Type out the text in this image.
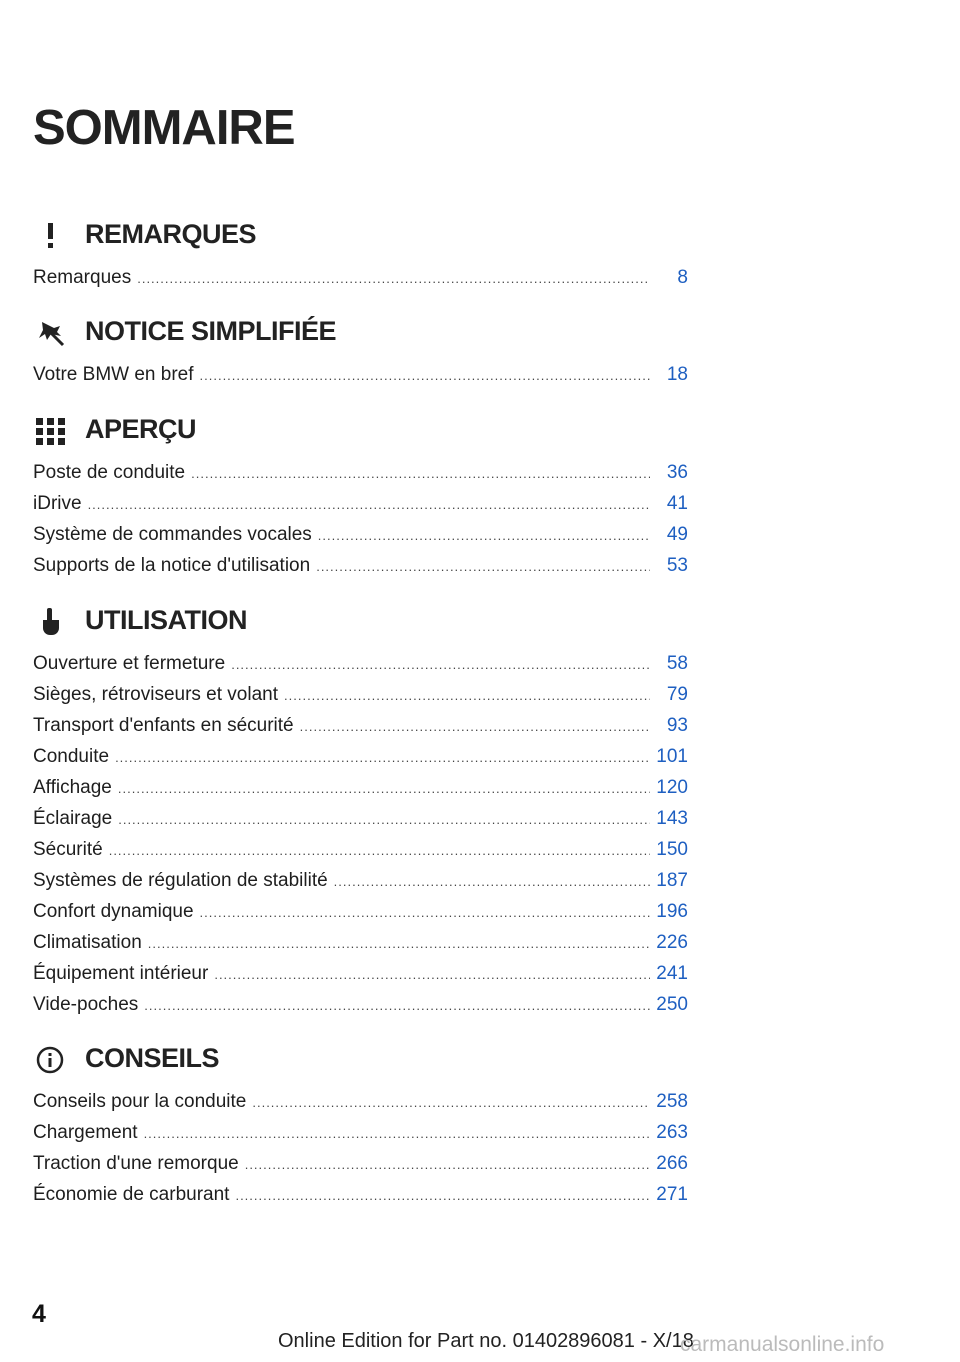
SOMMAIRE
REMARQUES
Remarques .....	8
NOTICE SIMPLIFIÉE
Votre BMW en bref .....	18
APERÇU
Poste de conduite .....	36
iDrive .....	41
Système de commandes vocales .....	49
Supports de la notice d'utilisation .....	53
UTILISATION
Ouverture et fermeture .....	58
Sièges, rétroviseurs et volant .....	79
Transport d'enfants en sécurité .....	93
Conduite .....	101
Affichage .....	120
Éclairage .....	143
Sécurité .....	150
Systèmes de régulation de stabilité .....	187
Confort dynamique .....	196
Climatisation .....	226
Équipement intérieur .....	241
Vide-poches .....	250
CONSEILS
Conseils pour la conduite .....	258
Chargement .....	263
Traction d'une remorque .....	266
Économie de carburant .....	271
4
Online Edition for Part no. 01402896081 - X/18
carmanualsonline.info
